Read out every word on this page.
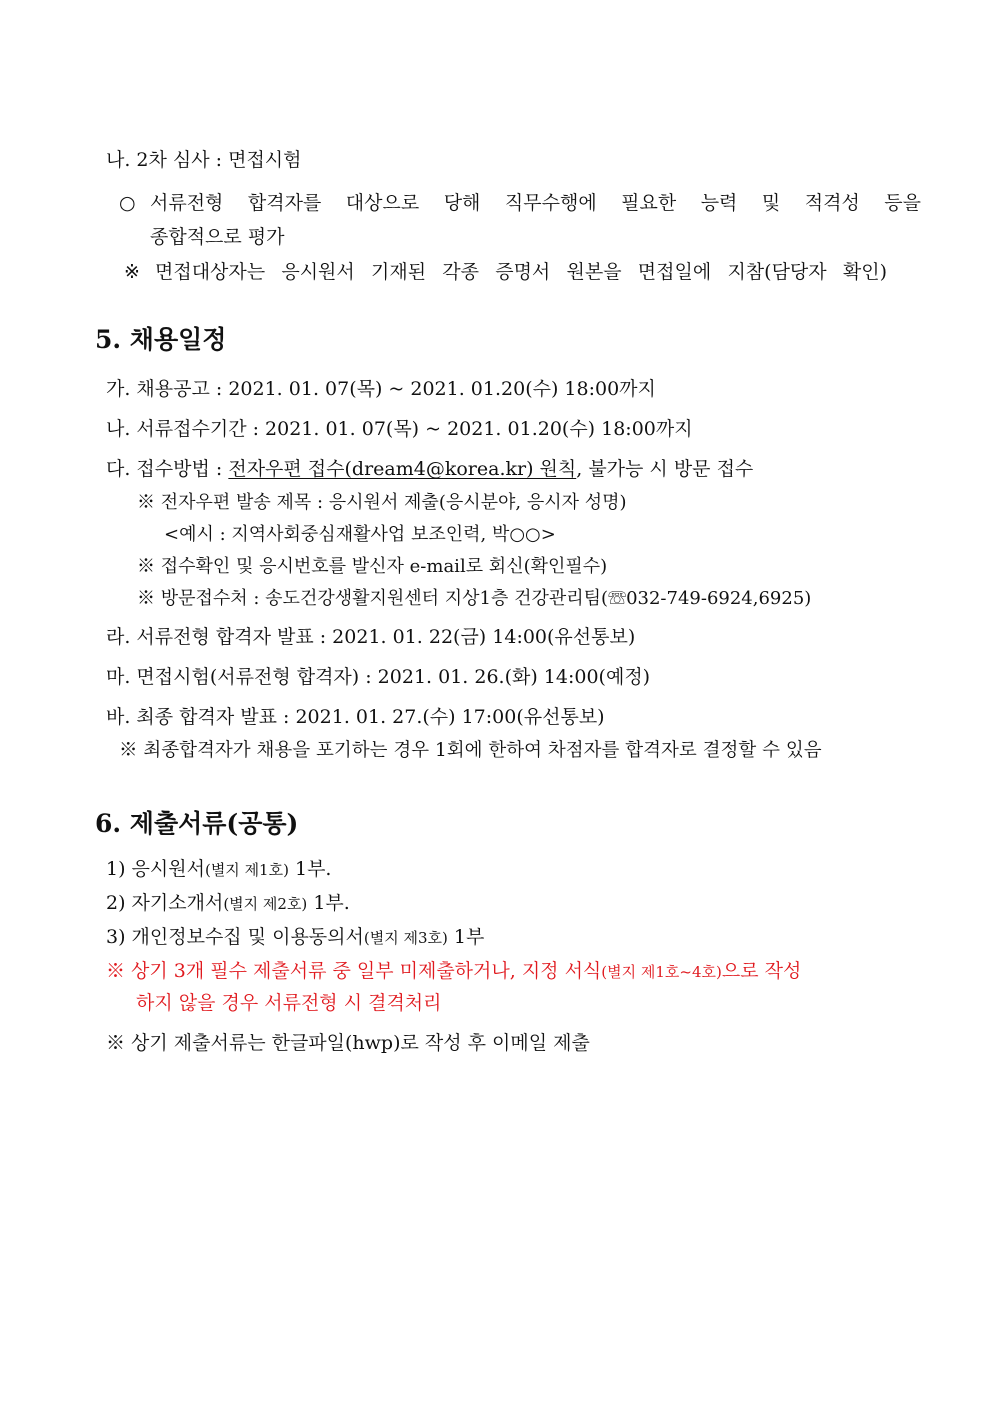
나. 2차 심사 : 면접시험
○ 서류전형 합격자를 대상으로 당해 직무수행에 필요한 능력 및 적격성 등을
종합적으로 평가
※ 면접대상자는 응시원서 기재된 각종 증명서 원본을 면접일에 지참(담당자 확인)
5. 채용일정
가. 채용공고 : 2021. 01. 07(목) ~ 2021. 01.20(수) 18:00까지
나. 서류접수기간 : 2021. 01. 07(목) ~ 2021. 01.20(수) 18:00까지
다. 접수방법 : 전자우편 접수(dream4@korea.kr) 원칙, 불가능 시 방문 접수
※ 전자우편 발송 제목 : 응시원서 제출(응시분야, 응시자 성명)
<예시 : 지역사회중심재활사업 보조인력, 박○○>
※ 접수확인 및 응시번호를 발신자 e-mail로 회신(확인필수)
※ 방문접수처 : 송도건강생활지원센터 지상1층 건강관리팀(☏032-749-6924,6925)
라. 서류전형 합격자 발표 : 2021. 01. 22(금) 14:00(유선통보)
마. 면접시험(서류전형 합격자) : 2021. 01. 26.(화) 14:00(예정)
바. 최종 합격자 발표 : 2021. 01. 27.(수) 17:00(유선통보)
※ 최종합격자가 채용을 포기하는 경우 1회에 한하여 차점자를 합격자로 결정할 수 있음
6. 제출서류(공통)
1) 응시원서(별지 제1호) 1부.
2) 자기소개서(별지 제2호) 1부.
3) 개인정보수집 및 이용동의서(별지 제3호) 1부
※ 상기 3개 필수 제출서류 중 일부 미제출하거나, 지정 서식(별지 제1호~4호)으로 작성
하지 않을 경우 서류전형 시 결격처리
※ 상기 제출서류는 한글파일(hwp)로 작성 후 이메일 제출
